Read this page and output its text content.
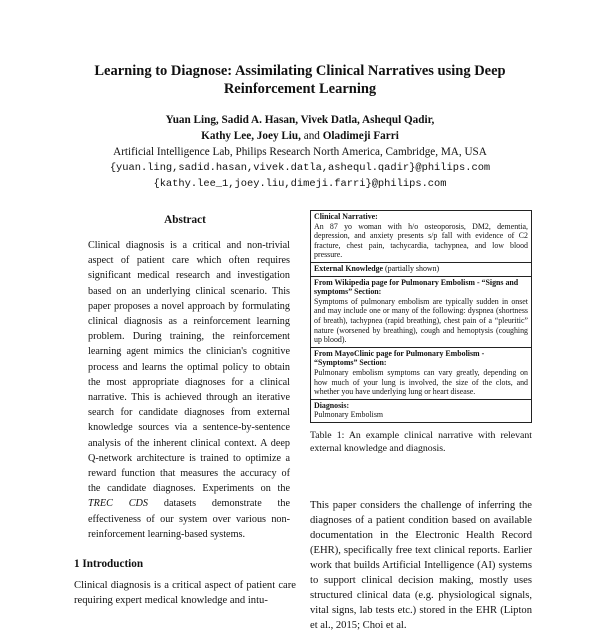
Learning to Diagnose: Assimilating Clinical Narratives using Deep
Reinforcement Learning
Yuan Ling, Sadid A. Hasan, Vivek Datla, Ashequl Qadir,
Kathy Lee, Joey Liu, and Oladimeji Farri
Artificial Intelligence Lab, Philips Research North America, Cambridge, MA, USA
{yuan.ling,sadid.hasan,vivek.datla,ashequl.qadir}@philips.com
{kathy.lee_1,joey.liu,dimeji.farri}@philips.com
Abstract
Clinical diagnosis is a critical and non-trivial aspect of patient care which often requires significant medical research and investigation based on an underlying clinical scenario. This paper proposes a novel approach by formulating clinical diagnosis as a reinforcement learning problem. During training, the reinforcement learning agent mimics the clinician's cognitive process and learns the optimal policy to obtain the most appropriate diagnoses for a clinical narrative. This is achieved through an iterative search for candidate diagnoses from external knowledge sources via a sentence-by-sentence analysis of the inherent clinical context. A deep Q-network architecture is trained to optimize a reward function that measures the accuracy of the candidate diagnoses. Experiments on the TREC CDS datasets demonstrate the effectiveness of our system over various non-reinforcement learning-based systems.
1 Introduction
Clinical diagnosis is a critical aspect of patient care requiring expert medical knowledge and intu-
Clinical Narrative:
An 87 yo woman with h/o osteoporosis, DM2, dementia, depression, and anxiety presents s/p fall with evidence of C2 fracture, chest pain, tachycardia, tachypnea, and low blood pressure.
External Knowledge (partially shown)
From Wikipedia page for Pulmonary Embolism - “Signs and symptoms” Section:
Symptoms of pulmonary embolism are typically sudden in onset and may include one or many of the following: dyspnea (shortness of breath), tachypnea (rapid breathing), chest pain of a “pleuritic” nature (worsened by breathing), cough and hemoptysis (coughing up blood).
From MayoClinic page for Pulmonary Embolism - “Symptoms” Section:
Pulmonary embolism symptoms can vary greatly, depending on how much of your lung is involved, the size of the clots, and whether you have underlying lung or heart disease.
Diagnosis:
Pulmonary Embolism
Table 1: An example clinical narrative with relevant external knowledge and diagnosis.
This paper considers the challenge of inferring the diagnoses of a patient condition based on available documentation in the Electronic Health Record (EHR), specifically free text clinical reports. Earlier work that builds Artificial Intelligence (AI) systems to support clinical decision making, mostly uses structured clinical data (e.g. physiological signals, vital signs, lab tests etc.) stored in the EHR (Lipton et al., 2015; Choi et al.
